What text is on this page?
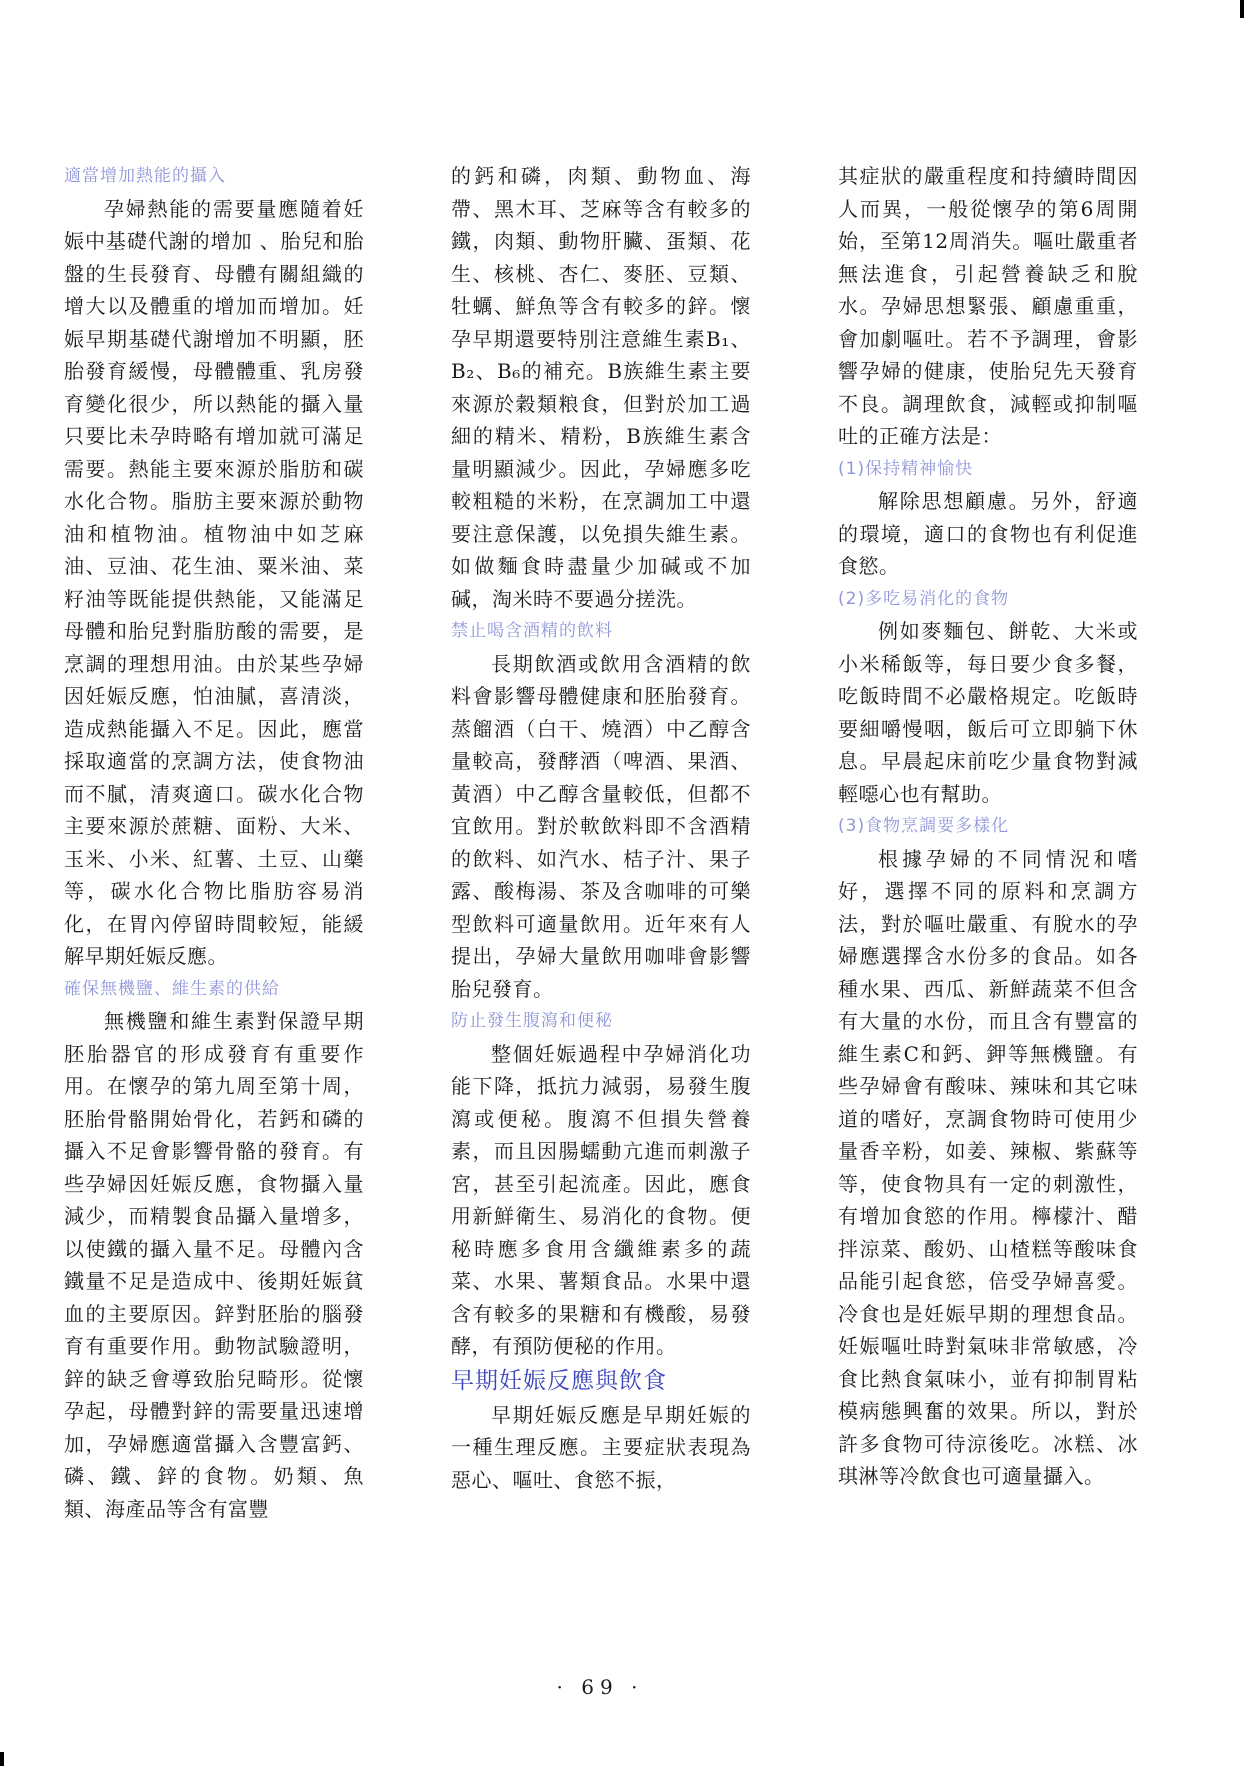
適當增加熱能的攝入

孕婦熱能的需要量應隨着妊娠中基礎代謝的增加 、胎兒和胎盤的生長發育、母體有關組織的增大以及體重的增加而增加。妊娠早期基礎代謝增加不明顯，胚胎發育緩慢，母體體重、乳房發育變化很少，所以熱能的攝入量只要比未孕時略有增加就可滿足需要。熱能主要來源於脂肪和碳水化合物。脂肪主要來源於動物油和植物油。植物油中如芝麻油、豆油、花生油、粟米油、菜籽油等既能提供熱能，又能滿足母體和胎兒對脂肪酸的需要，是烹調的理想用油。由於某些孕婦因妊娠反應，怕油膩，喜清淡，造成熱能攝入不足。因此，應當採取適當的烹調方法，使食物油而不膩，清爽適口。碳水化合物主要來源於蔗糖、面粉、大米、玉米、小米、紅薯、土豆、山藥等，碳水化合物比脂肪容易消化，在胃內停留時間較短，能緩解早期妊娠反應。

確保無機鹽、維生素的供給

無機鹽和維生素對保證早期胚胎器官的形成發育有重要作用。在懷孕的第九周至第十周，胚胎骨骼開始骨化，若鈣和磷的攝入不足會影響骨骼的發育。有些孕婦因妊娠反應，食物攝入量減少，而精製食品攝入量增多，以使鐵的攝入量不足。母體內含鐵量不足是造成中、後期妊娠貧血的主要原因。鋅對胚胎的腦發育有重要作用。動物試驗證明，鋅的缺乏會導致胎兒畸形。從懷孕起，母體對鋅的需要量迅速增加，孕婦應適當攝入含豐富鈣、磷、鐵、鋅的食物。奶類、魚類、海產品等含有富豐

的鈣和磷，肉類、動物血、海帶、黑木耳、芝麻等含有較多的鐵，肉類、動物肝臟、蛋類、花生、核桃、杏仁、麥胚、豆類、牡蠣、鮮魚等含有較多的鋅。懷孕早期還要特別注意維生素B₁、B₂、B₆的補充。B族維生素主要來源於穀類粮食，但對於加工過細的精米、精粉，B族維生素含量明顯減少。因此，孕婦應多吃較粗糙的米粉，在烹調加工中還要注意保護，以免損失維生素。如做麵食時盡量少加碱或不加碱，淘米時不要過分搓洗。

禁止喝含酒精的飲料

長期飲酒或飲用含酒精的飲料會影響母體健康和胚胎發育。蒸餾酒（白干、燒酒）中乙醇含量較高，發酵酒（啤酒、果酒、黃酒）中乙醇含量較低，但都不宜飲用。對於軟飲料即不含酒精的飲料、如汽水、桔子汁、果子露、酸梅湯、茶及含咖啡的可樂型飲料可適量飲用。近年來有人提出，孕婦大量飲用咖啡會影響胎兒發育。

防止發生腹瀉和便秘

整個妊娠過程中孕婦消化功能下降，抵抗力減弱，易發生腹瀉或便秘。腹瀉不但損失營養素，而且因腸蠕動亢進而刺激子宮，甚至引起流產。因此，應食用新鮮衛生、易消化的食物。便秘時應多食用含纖維素多的蔬菜、水果、薯類食品。水果中還含有較多的果糖和有機酸，易發酵，有預防便秘的作用。

早期妊娠反應與飲食

早期妊娠反應是早期妊娠的一種生理反應。主要症狀表現為惡心、嘔吐、食慾不振，

其症狀的嚴重程度和持續時間因人而異，一般從懷孕的第6周開始，至第12周消失。嘔吐嚴重者無法進食，引起營養缺乏和脫水。孕婦思想緊張、顧慮重重，會加劇嘔吐。若不予調理，會影響孕婦的健康，使胎兒先天發育不良。調理飲食，減輕或抑制嘔吐的正確方法是：

(1)保持精神愉快

解除思想顧慮。另外，舒適的環境，適口的食物也有利促進食慾。

(2)多吃易消化的食物

例如麥麵包、餅乾、大米或小米稀飯等，每日要少食多餐，吃飯時間不必嚴格規定。吃飯時要細嚼慢咽，飯后可立即躺下休息。早晨起床前吃少量食物對減輕噁心也有幫助。

(3)食物烹調要多樣化

根據孕婦的不同情況和嗜好，選擇不同的原料和烹調方法，對於嘔吐嚴重、有脫水的孕婦應選擇含水份多的食品。如各種水果、西瓜、新鮮蔬菜不但含有大量的水份，而且含有豐富的維生素C和鈣、鉀等無機鹽。有些孕婦會有酸味、辣味和其它味道的嗜好，烹調食物時可使用少量香辛粉，如姜、辣椒、紫蘇等等，使食物具有一定的刺激性，有增加食慾的作用。檸檬汁、醋拌涼菜、酸奶、山楂糕等酸味食品能引起食慾，倍受孕婦喜愛。冷食也是妊娠早期的理想食品。妊娠嘔吐時對氣味非常敏感，冷食比熱食氣味小，並有抑制胃粘模病態興奮的效果。所以，對於許多食物可待涼後吃。冰糕、冰琪淋等冷飲食也可適量攝入。

· 69 ·
